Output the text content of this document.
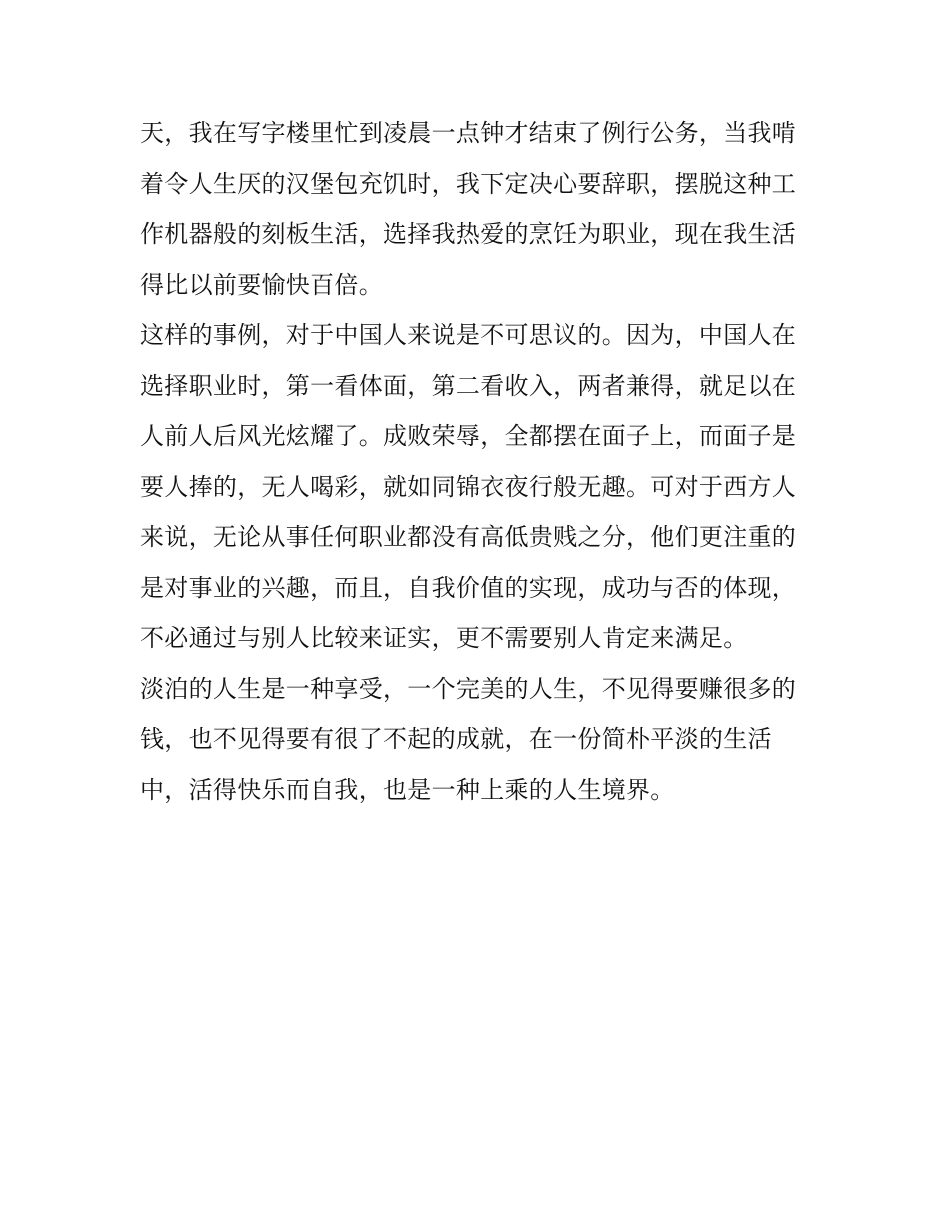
天，我在写字楼里忙到凌晨一点钟才结束了例行公务，当我啃
着令人生厌的汉堡包充饥时，我下定决心要辞职，摆脱这种工
作机器般的刻板生活，选择我热爱的烹饪为职业，现在我生活
得比以前要愉快百倍。

这样的事例，对于中国人来说是不可思议的。因为，中国人在
选择职业时，第一看体面，第二看收入，两者兼得，就足以在
人前人后风光炫耀了。成败荣辱，全都摆在面子上，而面子是
要人捧的，无人喝彩，就如同锦衣夜行般无趣。可对于西方人
来说，无论从事任何职业都没有高低贵贱之分，他们更注重的
是对事业的兴趣，而且，自我价值的实现，成功与否的体现，
不必通过与别人比较来证实，更不需要别人肯定来满足。

淡泊的人生是一种享受，一个完美的人生，不见得要赚很多的
钱，也不见得要有很了不起的成就，在一份简朴平淡的生活
中，活得快乐而自我，也是一种上乘的人生境界。
